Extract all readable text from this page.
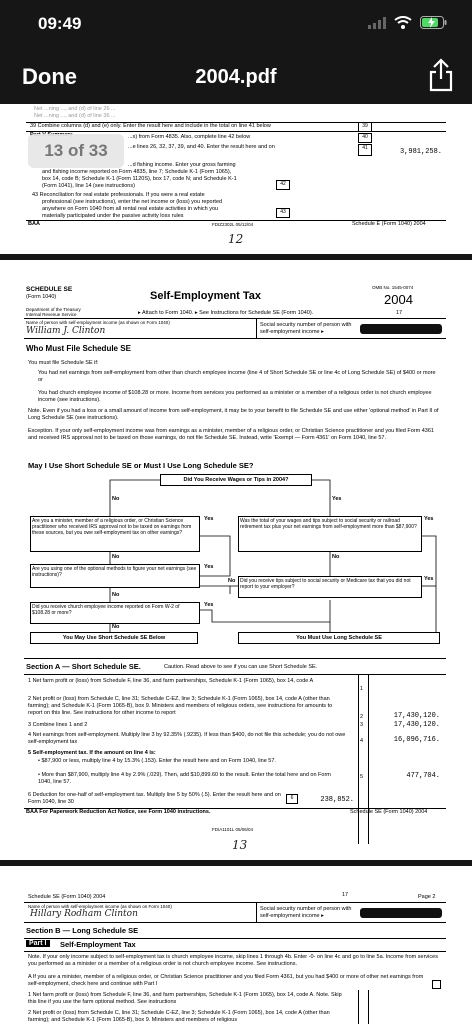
09:49
Done	2004.pdf
Net ...ning ..., and (d) of line 26 ...
Net ...ning ..., and (d) of line 36 ...
39 Combine columns (d) and (e) only. Enter the result here and include in the total on line 41 below	39
...s) from Form 4835. Also, complete line 42 below	40
...e lines 26, 32, 37, 39, and 40. Enter the result here and on	41	3,981,258.
...d fishing income. Enter your gross farming
and fishing income reported on Form 4835, line 7; Schedule K-1 (Form 1065),
box 14, code B; Schedule K-1 (Form 1120S), box 17, code N; and Schedule K-1
(Form 1041), line 14 (see instructions)	42
43 Reconciliation for real estate professionals. If you were a real estate
professional (see instructions), enter the net income or (loss) you reported
anywhere on Form 1040 from all rental real estate activities in which you
materially participated under the passive activity loss rules
43
BAA	FDIZ2302L 05/12/04	Schedule E (Form 1040) 2004
12
13 of 33
SCHEDULE SE
(Form 1040)
Department of the Treasury
Internal Revenue Service
Self-Employment Tax
▸ Attach to Form 1040. ▸ See Instructions for Schedule SE (Form 1040).
OMB No. 1545-0074
2004
17
Name of person with self-employment income (as shown on Form 1040)
William J. Clinton
Social security number of person with self-employment income ▸
Who Must File Schedule SE
You must file Schedule SE if:
You had net earnings from self-employment from other than church employee income (line 4 of Short Schedule SE or line 4c of Long Schedule SE) of $400 or more or
You had church employee income of $108.28 or more. Income from services you performed as a minister or a member of a religious order is not church employee income (see instructions).
Note. Even if you had a loss or a small amount of income from self-employment, it may be to your benefit to file Schedule SE and use either 'optional method' in Part II of Long Schedule SE (see instructions).
Exception. If your only self-employment income was from earnings as a minister, member of a religious order, or Christian Science practitioner and you filed Form 4361 and received IRS approval not to be taxed on those earnings, do not file Schedule SE. Instead, write 'Exempt — Form 4361' on Form 1040, line 57.
May I Use Short Schedule SE or Must I Use Long Schedule SE?
Did You Receive Wages or Tips in 2004?
No	Yes
Are you a minister, member of a religious order, or Christian Science practitioner who received IRS approval not to be taxed on earnings from these sources, but you owe self-employment tax on other earnings?
Yes
No
Are you using one of the optional methods to figure your net earnings (see instructions)?
Yes
No
Did you receive church employee income reported on Form W-2 of $108.28 or more?
Yes
No
Was the total of your wages and tips subject to social security or railroad retirement tax plus your net earnings from self-employment more than $87,900?
Yes
No
Did you receive tips subject to social security or Medicare tax that you did not report to your employer?
No	Yes
You May Use Short Schedule SE Below	You Must Use Long Schedule SE
Section A — Short Schedule SE.	Caution. Read above to see if you can use Short Schedule SE.
1 Net farm profit or (loss) from Schedule F, line 36, and farm partnerships, Schedule K-1 (Form 1065), box 14, code A
1
2 Net profit or (loss) from Schedule C, line 31; Schedule C-EZ, line 3; Schedule K-1 (Form 1065), box 14, code A (other than farming); and Schedule K-1 (Form 1065-B), box 9. Ministers and members of religious orders, see instructions for amounts to report on this line. See instructions for other income to report
2	17,430,120.
3 Combine lines 1 and 2	3	17,430,120.
4 Net earnings from self-employment. Multiply line 3 by 92.35% (.9235). If less than $400, do not file this schedule; you do not owe self-employment tax	4	16,096,716.
5 Self-employment tax. If the amount on line 4 is:
• $87,900 or less, multiply line 4 by 15.3% (.153). Enter the result here and on Form 1040, line 57.
• More than $87,900, multiply line 4 by 2.9% (.029). Then, add $10,899.60 to the result. Enter the total here and on Form 1040, line 57.
5	477,704.
6 Deduction for one-half of self-employment tax. Multiply line 5 by 50% (.5). Enter the result here and on Form 1040, line 30
6	238,852.
BAA For Paperwork Reduction Act Notice, see Form 1040 instructions.	Schedule SE (Form 1040) 2004
FDIA1101L 05/06/04
13
Schedule SE (Form 1040) 2004	17	Page 2
Name of person with self-employment income (as shown on Form 1040)
Hillary Rodham Clinton	Social security number of person with self-employment income ▸
Section B — Long Schedule SE
Part I	Self-Employment Tax
Note. If your only income subject to self-employment tax is church employee income, skip lines 1 through 4b. Enter -0- on line 4c and go to line 5a. Income from services you performed as a minister or a member of a religious order is not church employee income. See instructions.
A If you are a minister, member of a religious order, or Christian Science practitioner and you filed Form 4361, but you had $400 or more of other net earnings from self-employment, check here and continue with Part I
1 Net farm profit or (loss) from Schedule F, line 36, and farm partnerships, Schedule K-1 (Form 1065), box 14, code A. Note. Skip this line if you use the farm optional method. See instructions
2 Net profit or (loss) from Schedule C, line 31; Schedule C-EZ, line 3; Schedule K-1 (Form 1065), box 14, code A (other than farming); and Schedule K-1 (Form 1065-B), box 9. Ministers and members of religious
